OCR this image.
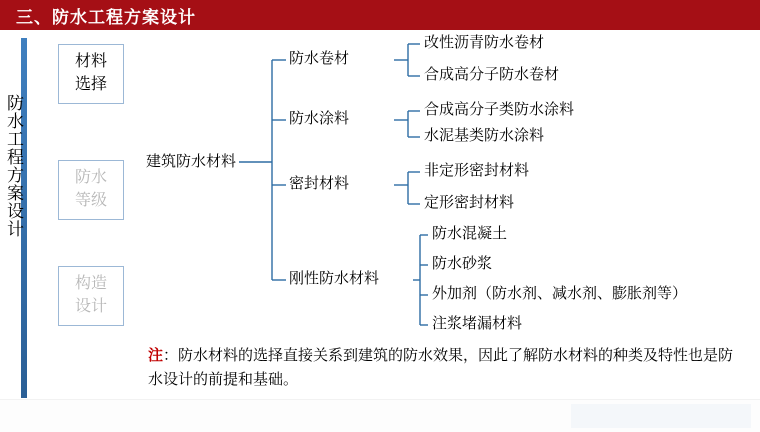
三、防水工程方案设计
防水工程方案设计
材料
选择
防水
等级
构造
设计
建筑防水材料
防水卷材
防水涂料
密封材料
刚性防水材料
改性沥青防水卷材
合成高分子防水卷材
合成高分子类防水涂料
水泥基类防水涂料
非定形密封材料
定形密封材料
防水混凝土
防水砂浆
外加剂（防水剂、减水剂、膨胀剂等）
注浆堵漏材料
注：防水材料的选择直接关系到建筑的防水效果，因此了解防水材料的种类及特性也是防水设计的前提和基础。
